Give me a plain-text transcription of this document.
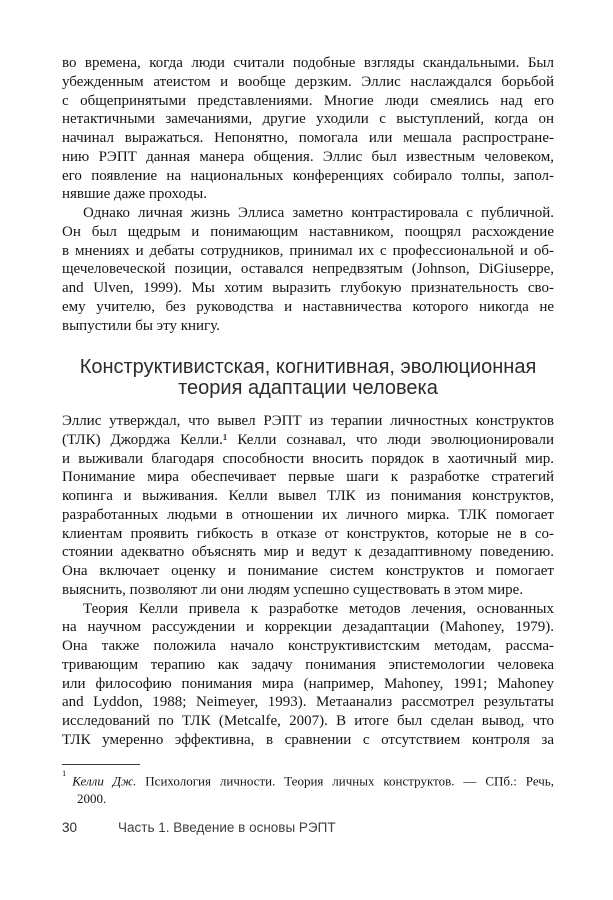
во времена, когда люди считали подобные взгляды скандальными. Был
убежденным атеистом и вообще дерзким. Эллис наслаждался борьбой
с общепринятыми представлениями. Многие люди смеялись над его
нетактичными замечаниями, другие уходили с выступлений, когда он
начинал выражаться. Непонятно, помогала или мешала распростране-
нию РЭПТ данная манера общения. Эллис был известным человеком,
его появление на национальных конференциях собирало толпы, запол-
нявшие даже проходы.
Однако личная жизнь Эллиса заметно контрастировала с публичной.
Он был щедрым и понимающим наставником, поощрял расхождение
в мнениях и дебаты сотрудников, принимал их с профессиональной и об-
щечеловеческой позиции, оставался непредвзятым (Johnson, DiGiuseppe,
and Ulven, 1999). Мы хотим выразить глубокую признательность сво-
ему учителю, без руководства и наставничества которого никогда не
выпустили бы эту книгу.
Конструктивистская, когнитивная, эволюционная
теория адаптации человека
Эллис утверждал, что вывел РЭПТ из терапии личностных конструктов
(ТЛК) Джорджа Келли.¹ Келли сознавал, что люди эволюционировали
и выживали благодаря способности вносить порядок в хаотичный мир.
Понимание мира обеспечивает первые шаги к разработке стратегий
копинга и выживания. Келли вывел ТЛК из понимания конструктов,
разработанных людьми в отношении их личного мирка. ТЛК помогает
клиентам проявить гибкость в отказе от конструктов, которые не в со-
стоянии адекватно объяснять мир и ведут к дезадаптивному поведению.
Она включает оценку и понимание систем конструктов и помогает
выяснить, позволяют ли они людям успешно существовать в этом мире.
Теория Келли привела к разработке методов лечения, основанных
на научном рассуждении и коррекции дезадаптации (Mahoney, 1979).
Она также положила начало конструктивистским методам, рассма-
тривающим терапию как задачу понимания эпистемологии человека
или философию понимания мира (например, Mahoney, 1991; Mahoney
and Lyddon, 1988; Neimeyer, 1993). Метаанализ рассмотрел результаты
исследований по ТЛК (Metcalfe, 2007). В итоге был сделан вывод, что
ТЛК умеренно эффективна, в сравнении с отсутствием контроля за
$^1$Келли Дж. Психология личности. Теория личных конструктов. — СПб.: Речь,
2000.
30	Часть 1. Введение в основы РЭПТ
